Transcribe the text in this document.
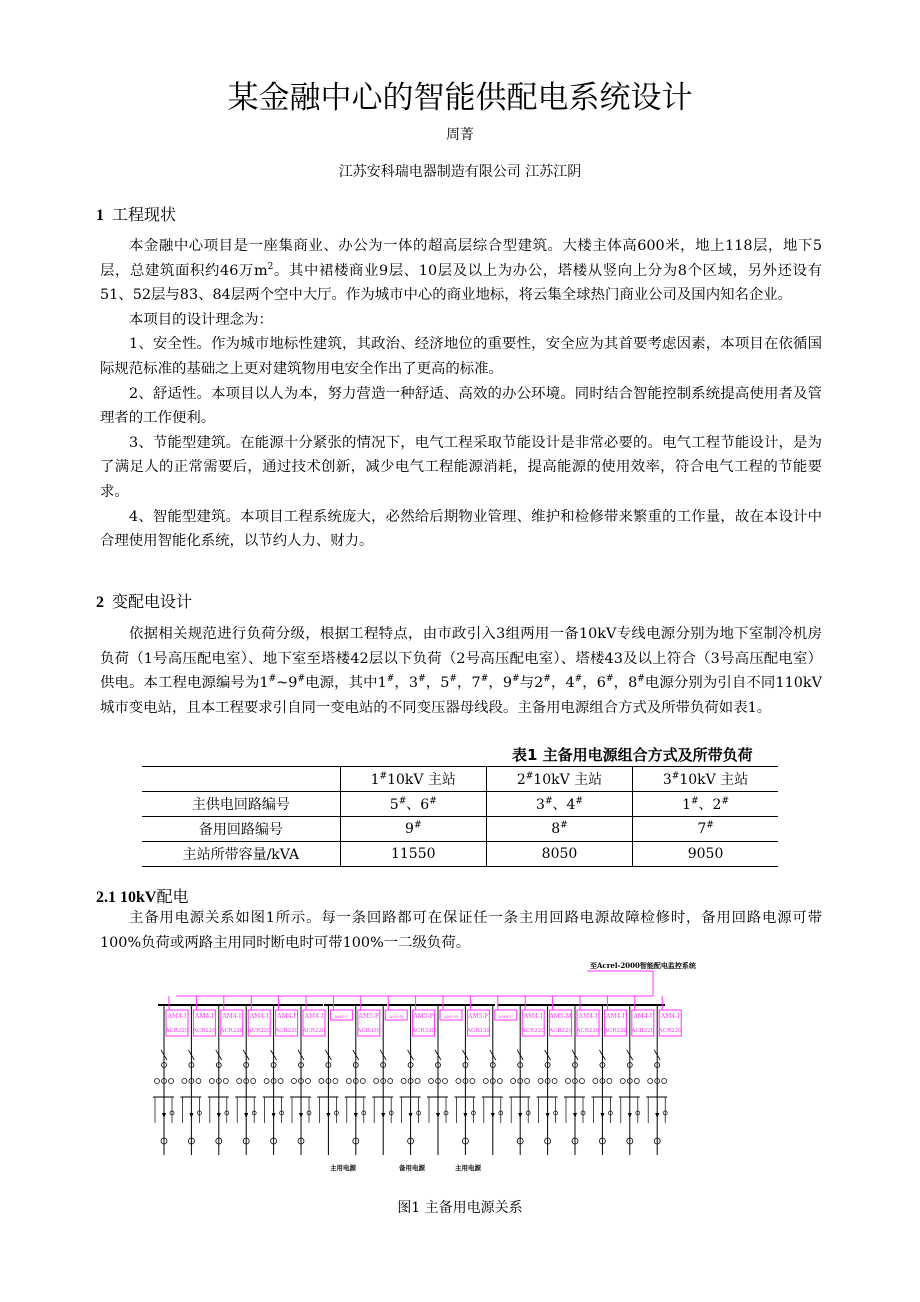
某金融中心的智能供配电系统设计
周菁
江苏安科瑞电器制造有限公司 江苏江阴
1 工程现状

本金融中心项目是一座集商业、办公为一体的超高层综合型建筑。大楼主体高600米，地上118层，地下5层，总建筑面积约46万$m^2$。其中裙楼商业9层、10层及以上为办公，塔楼从竖向上分为8个区域，另外还设有51、52层与83、84层两个空中大厅。作为城市中心的商业地标，将云集全球热门商业公司及国内知名企业。

本项目的设计理念为：

1、安全性。作为城市地标性建筑，其政治、经济地位的重要性，安全应为其首要考虑因素，本项目在依循国际规范标准的基础之上更对建筑物用电安全作出了更高的标准。

2、舒适性。本项目以人为本，努力营造一种舒适、高效的办公环境。同时结合智能控制系统提高使用者及管理者的工作便利。

3、节能型建筑。在能源十分紧张的情况下，电气工程采取节能设计是非常必要的。电气工程节能设计，是为了满足人的正常需要后，通过技术创新，减少电气工程能源消耗，提高能源的使用效率，符合电气工程的节能要求。

4、智能型建筑。本项目工程系统庞大，必然给后期物业管理、维护和检修带来繁重的工作量，故在本设计中合理使用智能化系统，以节约人力、财力。

2 变配电设计

依据相关规范进行负荷分级，根据工程特点，由市政引入3组两用一备10kV专线电源分别为地下室制冷机房负荷（1号高压配电室）、地下室至塔楼42层以下负荷（2号高压配电室）、塔楼43及以上符合（3号高压配电室）供电。本工程电源编号为1#~9#电源，其中1#，3#，5#，7#，9#与2#，4#，6#，8#电源分别为引自不同110kV城市变电站，且本工程要求引自同一变电站的不同变压器母线段。主备用电源组合方式及所带负荷如表1。

表1 主备用电源组合方式及所带负荷
	1#10kV 主站	2#10kV 主站	3#10kV 主站
主供电回路编号	5#、6#	3#、4#	1#、2#
备用回路编号	9#	8#	7#
主站所带容量/kVA	11550	8050	9050
2.1 10kV配电

主备用电源关系如图1所示。每一条回路都可在保证任一条主用回路电源故障检修时，备用回路电源可带100%负荷或两路主用同时断电时可带100%一二级负荷。

至Acrel-2000智能配电监控系统
AM4-I
ACR220
AM4-I
ACR220
AM4-I
ACR220
AM4-I
ACR220
AM4-I
ACR220
AM4-I
ACR220
AM4-U AM5-F
ACR330
AM5-B AM5-F
ACR330
AM5-B AM5-F
ACR330
AM4-U AM4-I
ACR220
AM5-M
ACR220
AM4-I
ACR220
AM4-I
ACR220
AM4-I
ACR220
AM4-I
ACR220
主用电源	备用电源	主用电源
图1 主备用电源关系
